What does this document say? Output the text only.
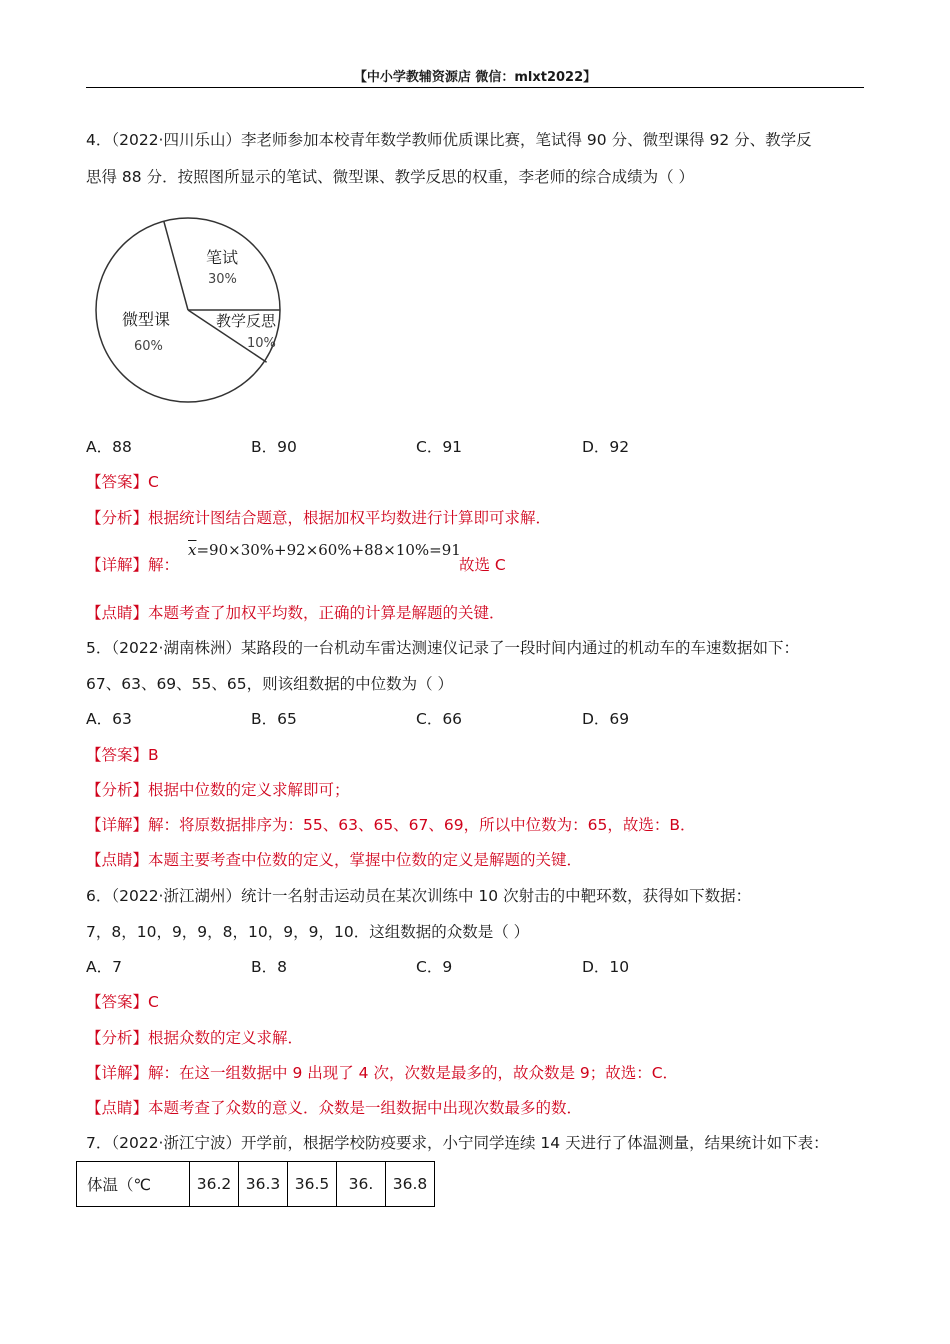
【中小学教辅资源店 微信：mlxt2022】
4．（2022·四川乐山）李老师参加本校青年数学教师优质课比赛，笔试得 90 分、微型课得 92 分、教学反
思得 88 分．按照图所显示的笔试、微型课、教学反思的权重，李老师的综合成绩为（ ）
笔试
30%
教学反思
10%
微型课
60%
A．88	B．90	C．91	D．92
【答案】C
【分析】根据统计图结合题意，根据加权平均数进行计算即可求解．
【详解】解：
$\overline{x}=90\times 30\%+92\times 60\%+88\times 10\%=91$
故选 C
【点睛】本题考查了加权平均数，正确的计算是解题的关键．
5．（2022·湖南株洲）某路段的一台机动车雷达测速仪记录了一段时间内通过的机动车的车速数据如下：
67、63、69、55、65，则该组数据的中位数为（ ）
A．63	B．65	C．66	D．69
【答案】B
【分析】根据中位数的定义求解即可；
【详解】解：将原数据排序为：55、63、65、67、69，所以中位数为：65，故选：B．
【点睛】本题主要考查中位数的定义，掌握中位数的定义是解题的关键．
6．（2022·浙江湖州）统计一名射击运动员在某次训练中 10 次射击的中靶环数，获得如下数据：
7，8，10，9，9，8，10，9，9，10．这组数据的众数是（ ）
A．7	B．8	C．9	D．10
【答案】C
【分析】根据众数的定义求解．
【详解】解：在这一组数据中 9 出现了 4 次，次数是最多的，故众数是 9；故选：C．
【点睛】本题考查了众数的意义．众数是一组数据中出现次数最多的数．
7．（2022·浙江宁波）开学前，根据学校防疫要求，小宁同学连续 14 天进行了体温测量，结果统计如下表：
体温（℃	36.2	36.3	36.5	36.	36.8
